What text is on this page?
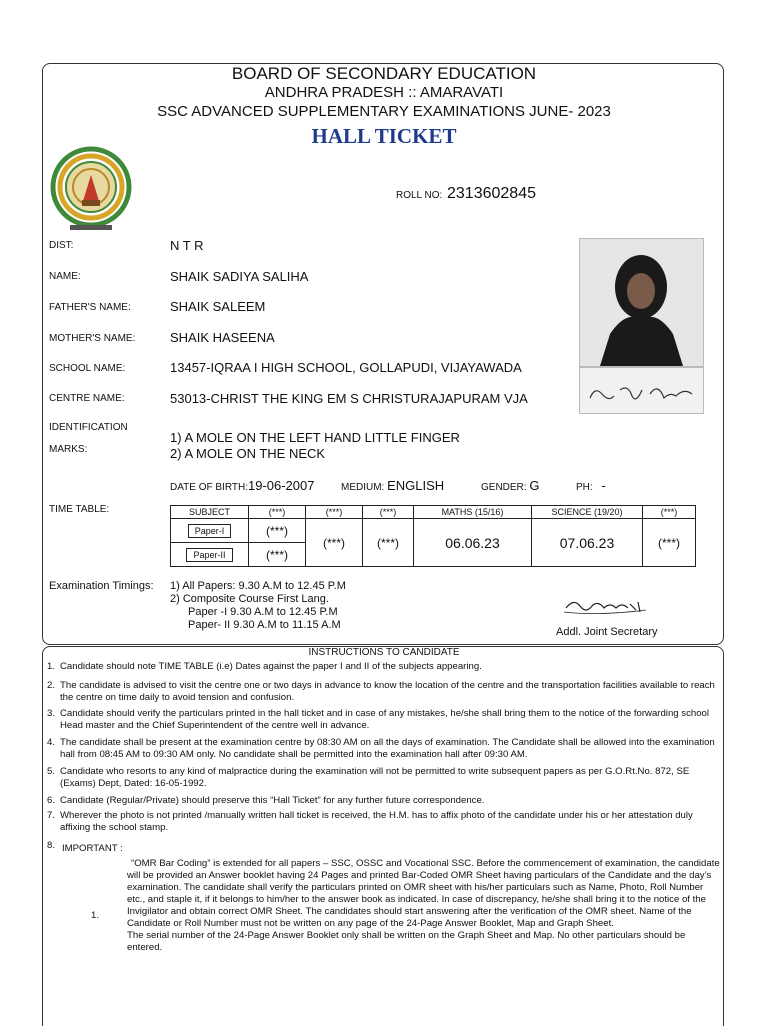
BOARD OF SECONDARY EDUCATION
ANDHRA PRADESH :: AMARAVATI
SSC ADVANCED SUPPLEMENTARY EXAMINATIONS JUNE- 2023
HALL TICKET
ROLL NO: 2313602845
DIST:	N T R
NAME:	SHAIK SADIYA SALIHA
FATHER'S NAME:	SHAIK SALEEM
MOTHER'S NAME:	SHAIK HASEENA
SCHOOL NAME:	13457-IQRAA I HIGH SCHOOL, GOLLAPUDI, VIJAYAWADA
CENTRE NAME:	53013-CHRIST THE KING EM S CHRISTURAJAPURAM VJA
IDENTIFICATION
MARKS:
1) A MOLE ON THE LEFT HAND LITTLE FINGER
2) A MOLE ON THE NECK
DATE OF BIRTH:19-06-2007	MEDIUM: ENGLISH	GENDER: G	PH: -
TIME TABLE:	SUBJECT	(***)	(***)	(***)	MATHS (15/16)	SCIENCE (19/20)	(***)
Paper-I	(***)	(***)	(***)	06.06.23	07.06.23	(***)
Paper-II	(***)					
Examination Timings: 1) All Papers: 9.30 A.M to 12.45 P.M
2) Composite Course First Lang.
Paper -I 9.30 A.M to 12.45 P.M
Paper- II 9.30 A.M to 11.15 A.M
Addl. Joint Secretary
INSTRUCTIONS TO CANDIDATE
1. Candidate should note TIME TABLE (i.e) Dates against the paper I and II of the subjects appearing.
2. The candidate is advised to visit the centre one or two days in advance to know the location of the centre and the transportation facilities available to reach the centre on time daily to avoid tension and confusion.
3. Candidate should verify the particulars printed in the hall ticket and in case of any mistakes, he/she shall bring them to the notice of the forwarding school Head master and the Chief Superintendent of the centre well in advance.
4. The candidate shall be present at the examination centre by 08:30 AM on all the days of examination. The Candidate shall be allowed into the examination hall from 08:45 AM to 09:30 AM only. No candidate shall be permitted into the examination hall after 09:30 AM.
5. Candidate who resorts to any kind of malpractice during the examination will not be permitted to write subsequent papers as per G.O.Rt.No. 872, SE (Exams) Dept, Dated: 16-05-1992.
6. Candidate (Regular/Private) should preserve this “Hall Ticket” for any further future correspondence.
7. Wherever the photo is not printed /manually written hall ticket is received, the H.M. has to affix photo of the candidate under his or her attestation duly affixing the school stamp.
8. IMPORTANT :
1.
“OMR Bar Coding” is extended for all papers – SSC, OSSC and Vocational SSC. Before the commencement of examination, the candidate will be provided an Answer booklet having 24 Pages and printed Bar-Coded OMR Sheet having particulars of the Candidate and the day’s examination. The candidate shall verify the particulars printed on OMR sheet with his/her particulars such as Name, Photo, Roll Number etc., and staple it, if it belongs to him/her to the answer book as indicated. In case of discrepancy, he/she shall bring it to the notice of the Invigilator and obtain correct OMR Sheet. The candidates should start answering after the verification of the OMR sheet. Name of the Candidate or Roll Number must not be written on any page of the 24-Page Answer Booklet, Map and Graph Sheet.
The serial number of the 24-Page Answer Booklet only shall be written on the Graph Sheet and Map. No other particulars should be entered.
